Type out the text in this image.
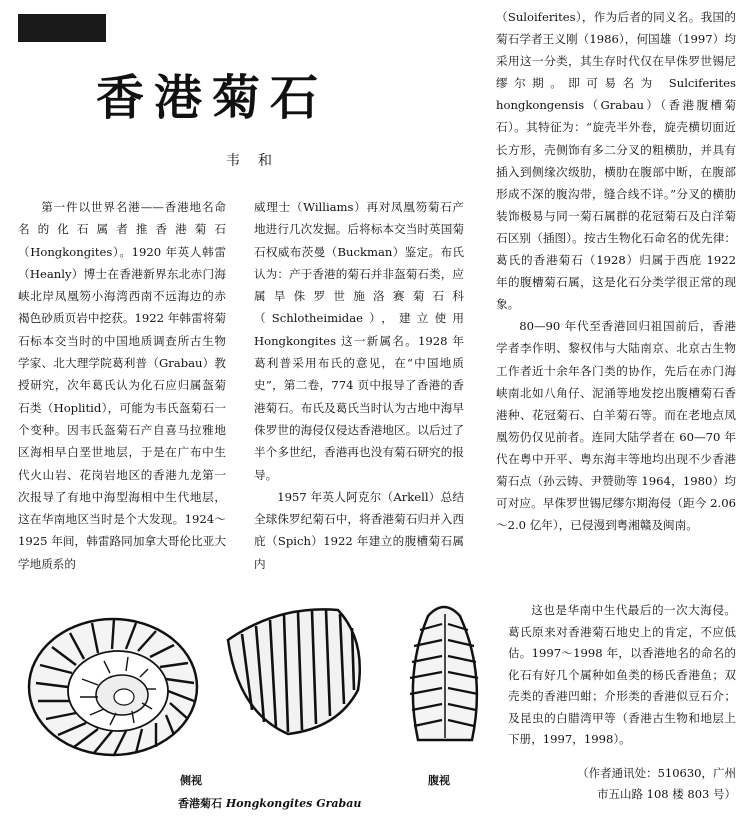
香港菊石
韦和

第一件以世界名港——香港地名命名的化石属者推香港菊石（Hongkongites）。1920 年英人韩雷（Heanly）博士在香港新界东北赤门海峡北岸凤凰笏小海湾西南不远海边的赤褐色砂质页岩中挖获。1922 年韩雷将菊石标本交当时的中国地质调查所古生物学家、北大理学院葛利普（Grabau）教授研究，次年葛氏认为化石应归属盔菊石类（Hoplitid），可能为韦氏盔菊石一个变种。因韦氏盔菊石产自喜马拉雅地区海相早白垩世地层，于是在广布中生代火山岩、花岗岩地区的香港九龙第一次报导了有地中海型海相中生代地层，这在华南地区当时是个大发现。1924～1925 年间，韩雷路同加拿大哥伦比亚大学地质系的

威理士（Williams）再对凤凰笏菊石产地进行几次发掘。后将标本交当时英国菊石权威布茨曼（Buckman）鉴定。布氏认为：产于香港的菊石并非盔菊石类，应属旱侏罗世施洛赛菊石科（Schlotheimidae），建立使用 Hongkongites 这一新属名。1928 年葛利普采用布氏的意见，在“中国地质史”，第二卷，774 页中报导了香港的香港菊石。布氏及葛氏当时认为古地中海早侏罗世的海侵仅侵达香港地区。以后过了半个多世纪，香港再也没有菊石研究的报导。

1957 年英人阿克尔（Arkell）总结全球侏罗纪菊石中，将香港菊石归并入西庇（Spich）1922 年建立的腹槽菊石属内

（Suloiferites），作为后者的同义名。我国的菊石学者王义刚（1986），何国雄（1997）均采用这一分类，其生存时代仅在早侏罗世锡尼缪尔期。即可易名为 Sulciferites hongkongensis（Grabau）（香港腹槽菊石）。其特征为：“旋壳半外卷，旋壳横切面近长方形，壳侧饰有多二分叉的粗横肋，并具有插入到侧缘次级肋，横肋在腹部中断，在腹部形成不深的腹沟带，缝合线不详。”分叉的横肋装饰极易与同一菊石属群的花冠菊石及白洋菊石区别（插图）。按古生物化石命名的优先律：葛氏的香港菊石（1928）归属于西庇 1922 年的腹槽菊石属，这是化石分类学很正常的现象。

80—90 年代至香港回归祖国前后，香港学者李作明、黎权伟与大陆南京、北京古生物工作者近十余年各门类的协作，先后在赤门海峡南北如八角仔、泥涌等地发挖出腹槽菊石香港种、花冠菊石、白羊菊石等。而在老地点凤凰笏仍仅见前者。连同大陆学者在 60—70 年代在粤中开平、粤东海丰等地均出现不少香港菊石点（孙云铸、尹赞勋等 1964，1980）均可对应。早侏罗世锡尼缪尔期海侵（距今 2.06～2.0 亿年），已侵漫到粤湘赣及闽南。

这也是华南中生代最后的一次大海侵。葛氏原来对香港菊石地史上的肯定，不应低估。1997～1998 年，以香港地名的命名的化石有好几个属种如鱼类的杨氏香港鱼；双壳类的香港凹蚶；介形类的香港似豆石介；及昆虫的白腊湾甲等（香港古生物和地层上下册，1997，1998）。

（作者通讯处：510630，广州
市五山路 108 楼 803 号）
侧视	腹视
香港菊石 Hongkongites Grabau
